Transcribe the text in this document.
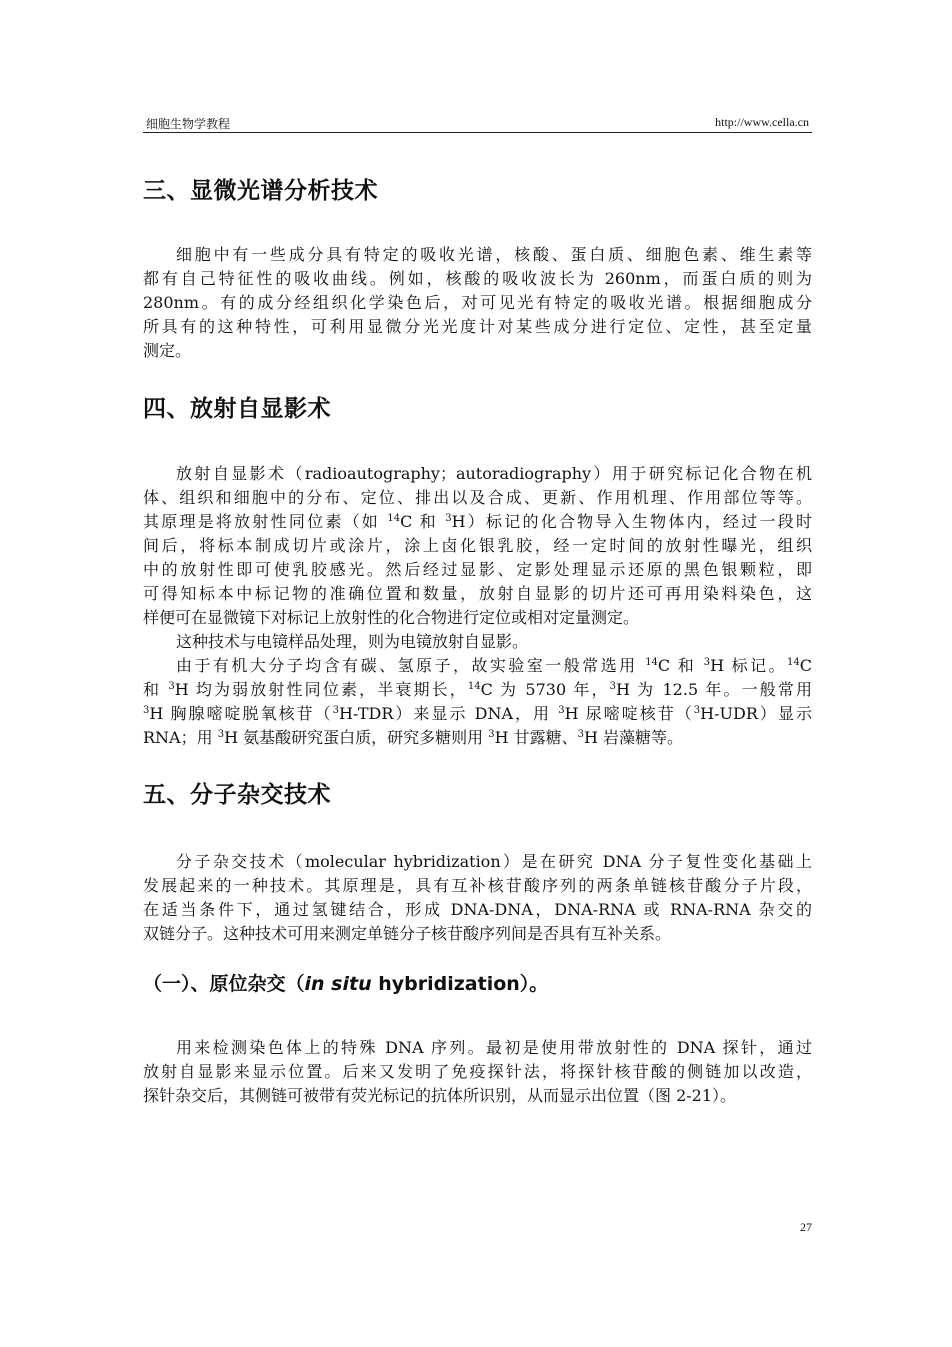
细胞生物学教程	http://www.cella.cn
三、显微光谱分析技术
细胞中有一些成分具有特定的吸收光谱，核酸、蛋白质、细胞色素、维生素等
都有自己特征性的吸收曲线。例如，核酸的吸收波长为 260nm，而蛋白质的则为
280nm。有的成分经组织化学染色后，对可见光有特定的吸收光谱。根据细胞成分
所具有的这种特性，可利用显微分光光度计对某些成分进行定位、定性，甚至定量
测定。
四、放射自显影术
放射自显影术（radioautography；autoradiography）用于研究标记化合物在机
体、组织和细胞中的分布、定位、排出以及合成、更新、作用机理、作用部位等等。
其原理是将放射性同位素（如 $^{14}$C 和 $^3$H）标记的化合物导入生物体内，经过一段时
间后，将标本制成切片或涂片，涂上卤化银乳胶，经一定时间的放射性曝光，组织
中的放射性即可使乳胶感光。然后经过显影、定影处理显示还原的黑色银颗粒，即
可得知标本中标记物的准确位置和数量，放射自显影的切片还可再用染料染色，这
样便可在显微镜下对标记上放射性的化合物进行定位或相对定量测定。
这种技术与电镜样品处理，则为电镜放射自显影。
由于有机大分子均含有碳、氢原子，故实验室一般常选用 $^{14}$C 和 $^3$H 标记。$^{14}$C
和 $^3$H 均为弱放射性同位素，半衰期长，$^{14}$C 为 5730 年，$^3$H 为 12.5 年。一般常用
$^3$H 胸腺嘧啶脱氧核苷（$^3$H-TDR）来显示 DNA，用 $^3$H 尿嘧啶核苷（$^3$H-UDR）显示
RNA；用 $^3$H 氨基酸研究蛋白质，研究多糖则用 $^3$H 甘露糖、$^3$H 岩藻糖等。
五、分子杂交技术
分子杂交技术（molecular hybridization）是在研究 DNA 分子复性变化基础上
发展起来的一种技术。其原理是，具有互补核苷酸序列的两条单链核苷酸分子片段，
在适当条件下，通过氢键结合，形成 DNA-DNA，DNA-RNA 或 RNA-RNA 杂交的
双链分子。这种技术可用来测定单链分子核苷酸序列间是否具有互补关系。
（一）、原位杂交（in situ hybridization）。
用来检测染色体上的特殊 DNA 序列。最初是使用带放射性的 DNA 探针，通过
放射自显影来显示位置。后来又发明了免疫探针法，将探针核苷酸的侧链加以改造，
探针杂交后，其侧链可被带有荧光标记的抗体所识别，从而显示出位置（图 2-21）。
27
